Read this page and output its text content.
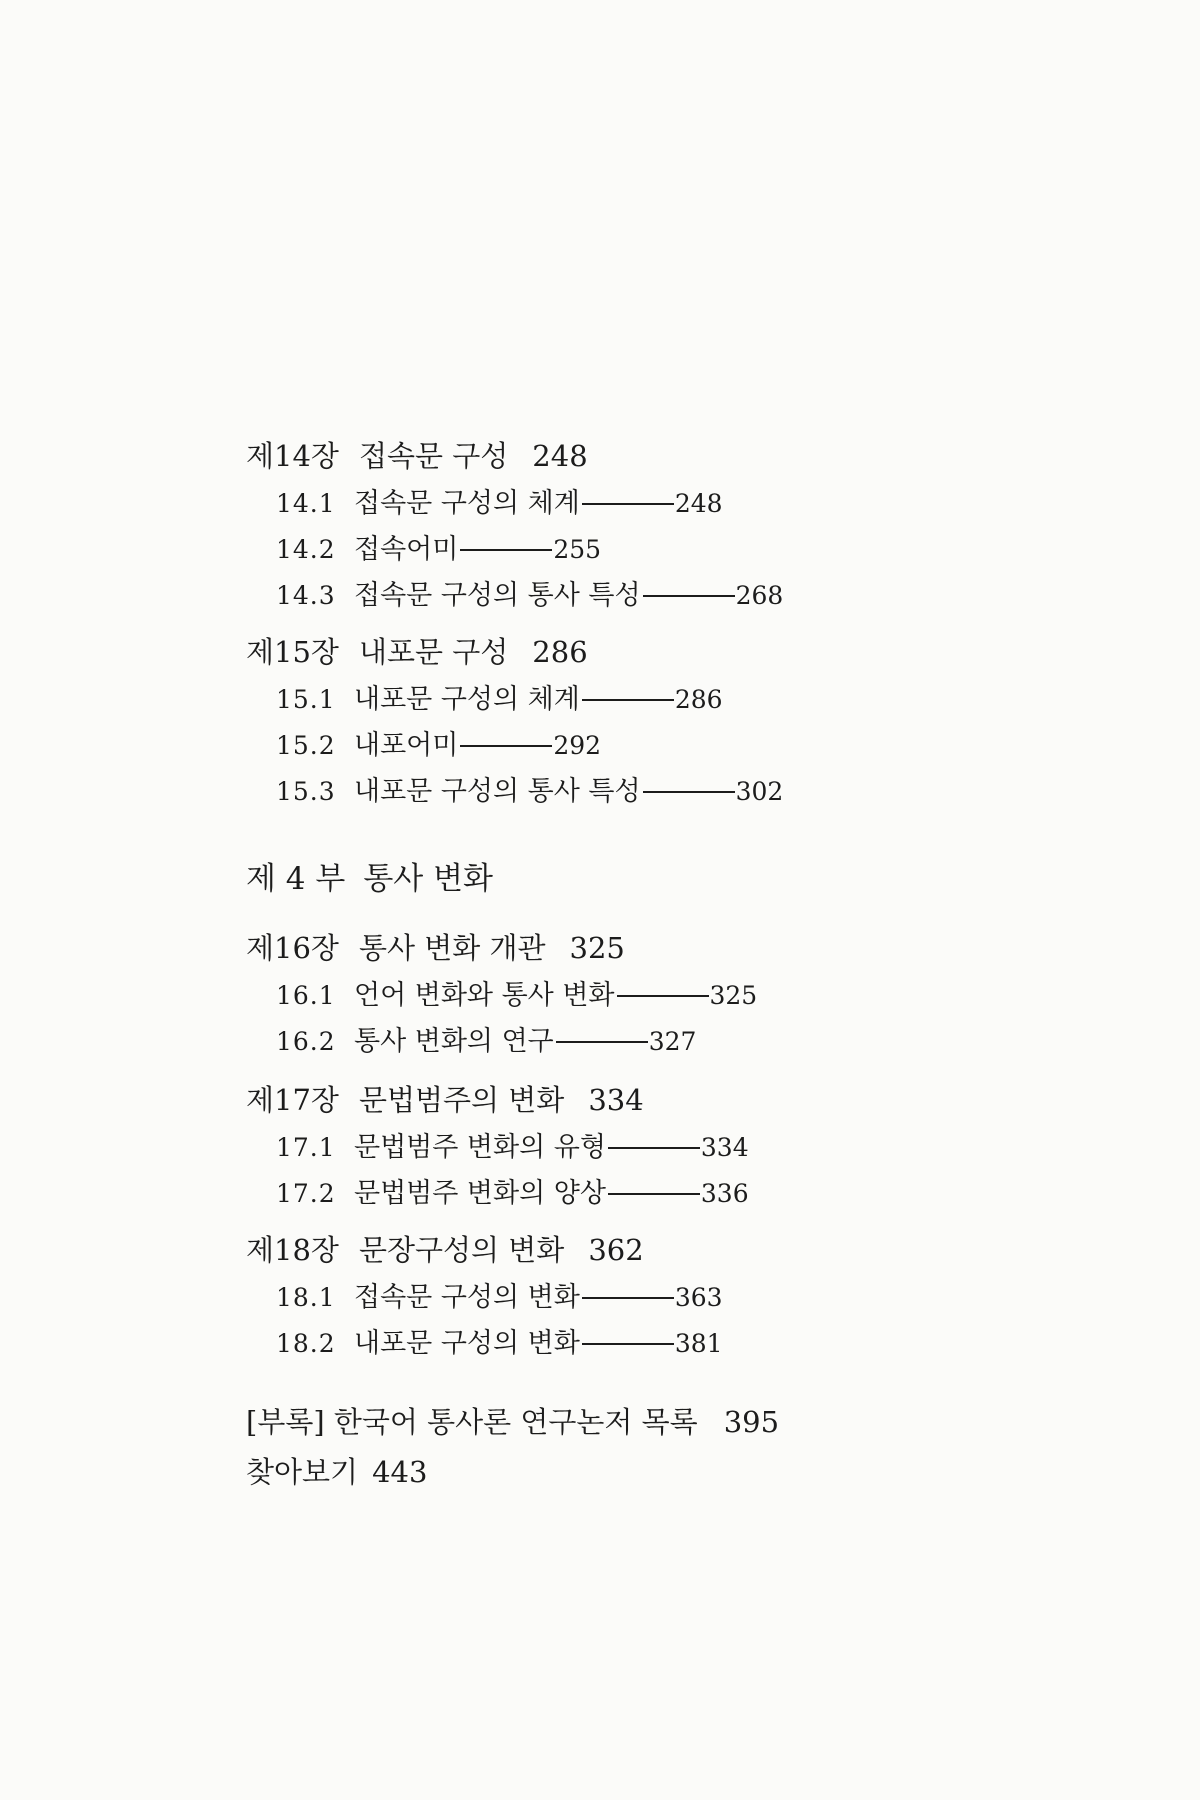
제14장 접속문 구성 248
14.1 접속문 구성의 체계	248
14.2 접속어미	255
14.3 접속문 구성의 통사 특성	268
제15장 내포문 구성 286
15.1 내포문 구성의 체계	286
15.2 내포어미	292
15.3 내포문 구성의 통사 특성	302
제 4 부 통사 변화
제16장 통사 변화 개관 325
16.1 언어 변화와 통사 변화	325
16.2 통사 변화의 연구	327
제17장 문법범주의 변화 334
17.1 문법범주 변화의 유형	334
17.2 문법범주 변화의 양상	336
제18장 문장구성의 변화 362
18.1 접속문 구성의 변화	363
18.2 내포문 구성의 변화	381
[부록] 한국어 통사론 연구논저 목록 395
찾아보기 443
